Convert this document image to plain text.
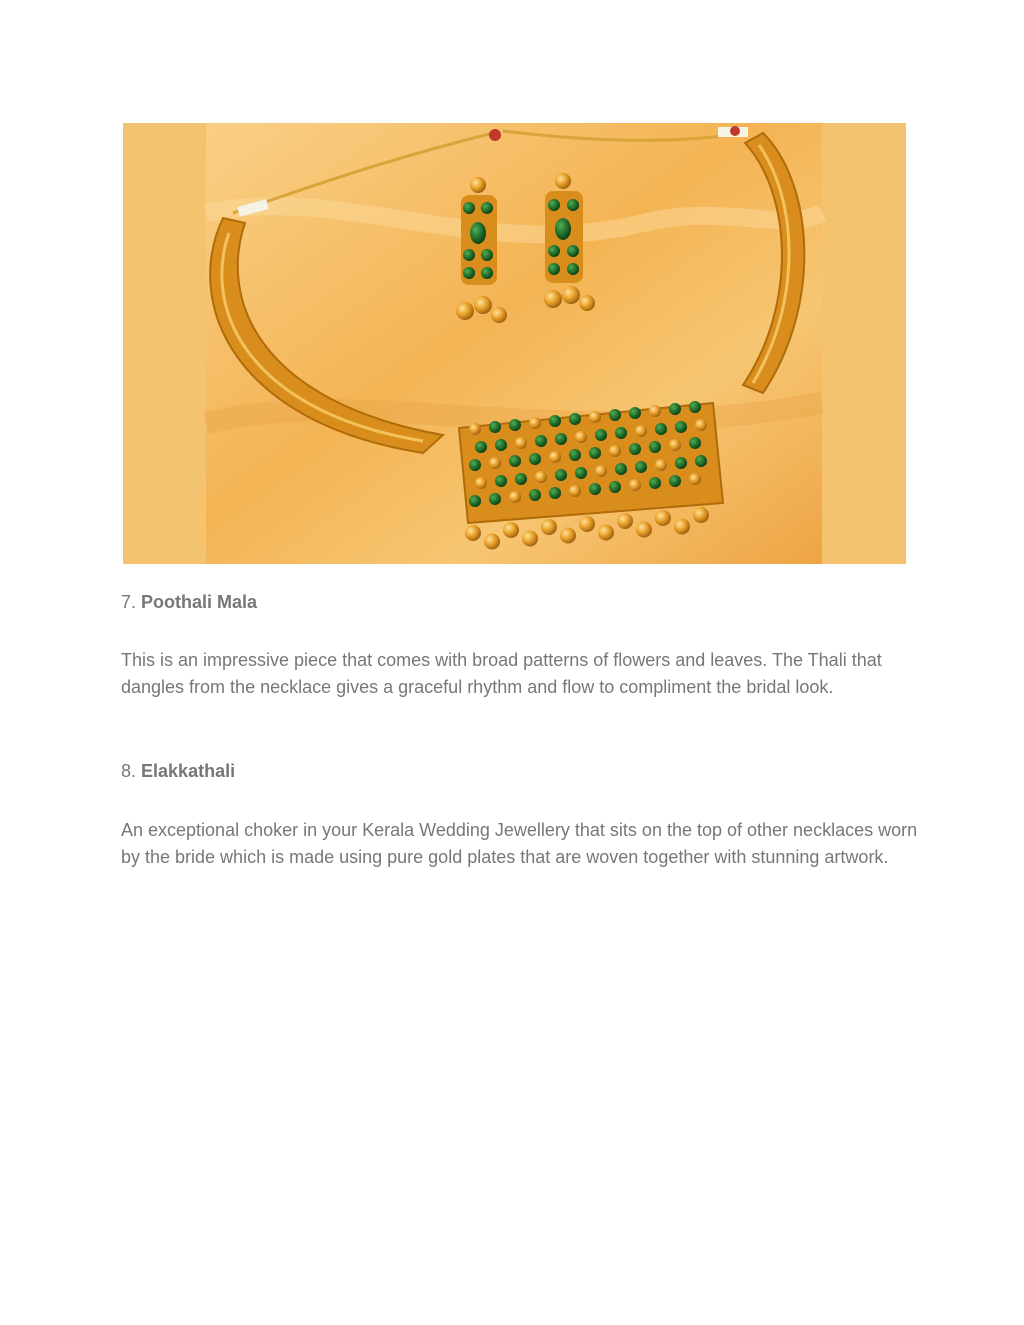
7. Poothali Mala

This is an impressive piece that comes with broad patterns of flowers and leaves. The Thali that dangles from the necklace gives a graceful rhythm and flow to compliment the bridal look.

8. Elakkathali

An exceptional choker in your Kerala Wedding Jewellery that sits on the top of other necklaces worn by the bride which is made using pure gold plates that are woven together with stunning artwork.
